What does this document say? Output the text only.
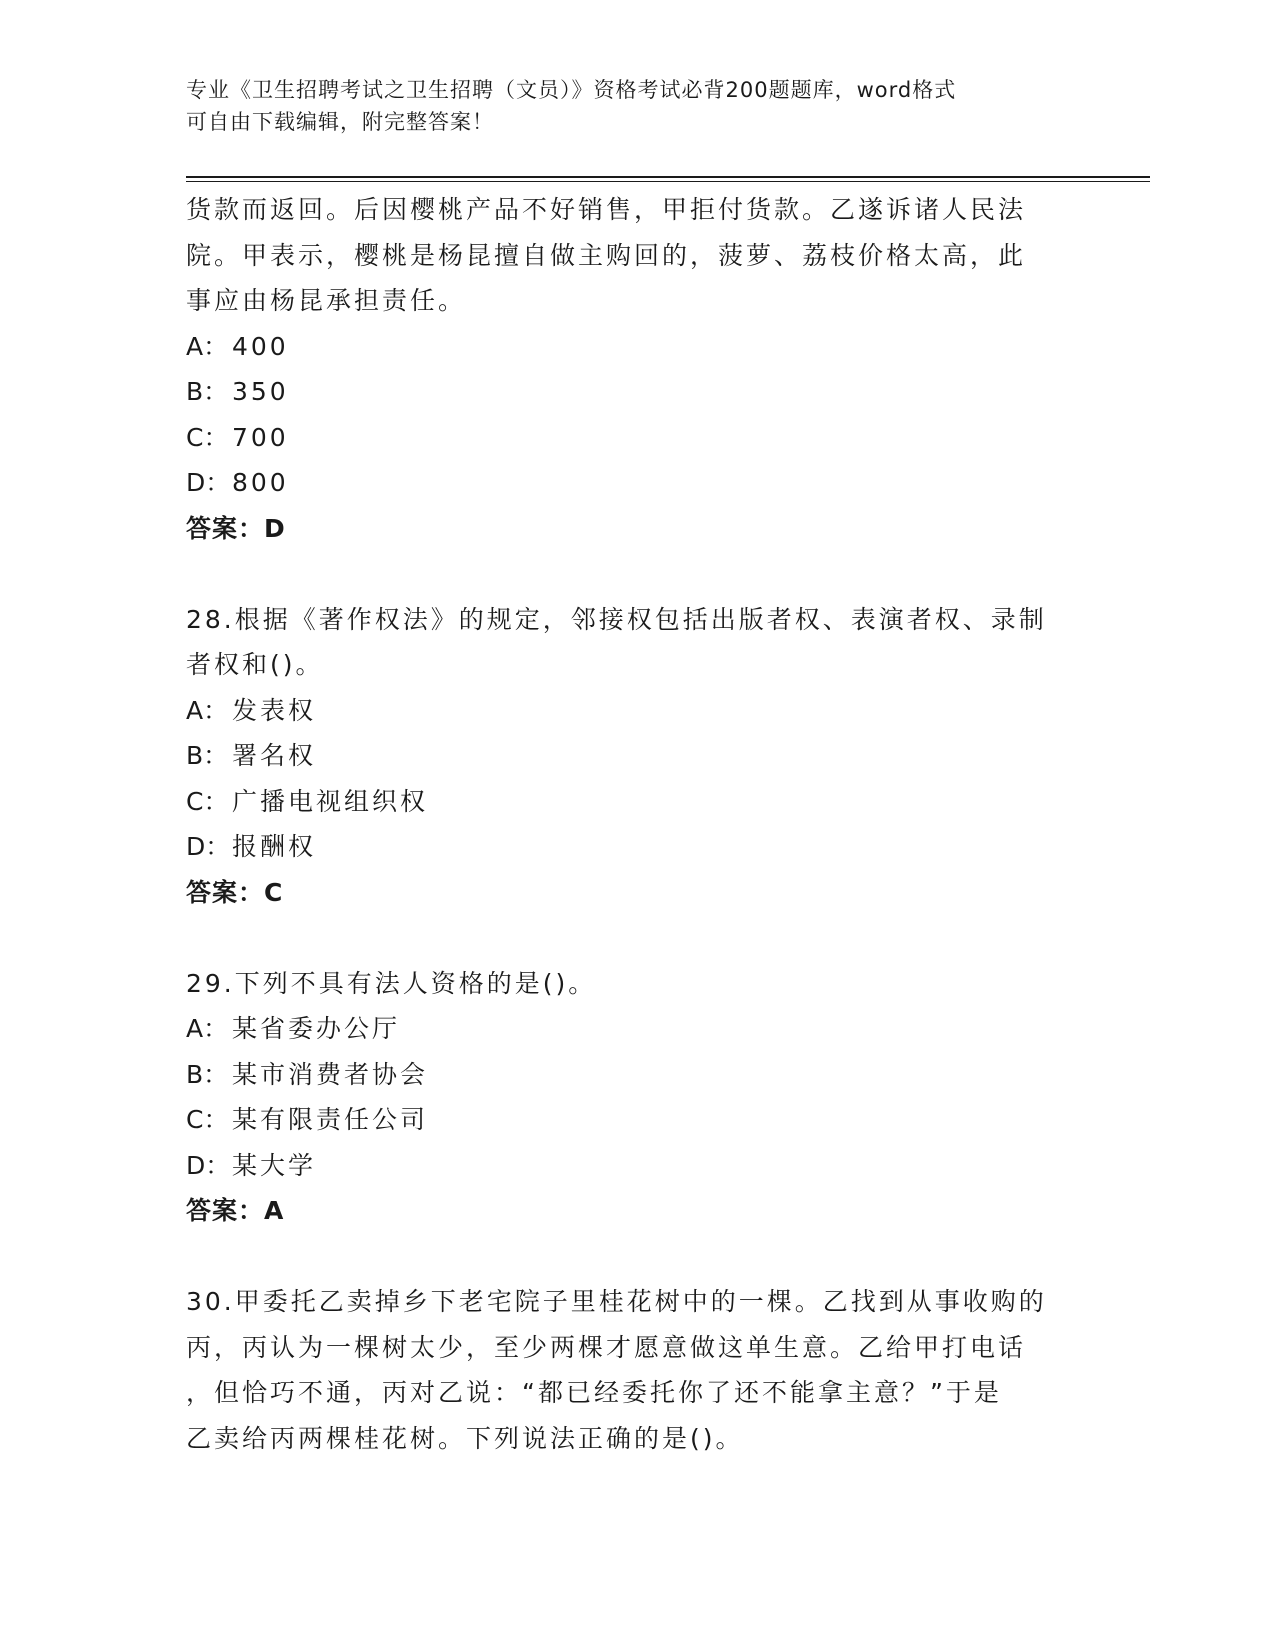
专业《卫生招聘考试之卫生招聘（文员）》资格考试必背200题题库，word格式
可自由下载编辑，附完整答案！
货款而返回。后因樱桃产品不好销售，甲拒付货款。乙遂诉诸人民法
院。甲表示，樱桃是杨昆擅自做主购回的，菠萝、荔枝价格太高，此
事应由杨昆承担责任。
A： 400
B： 350
C： 700
D：800
答案：D
28.根据《著作权法》的规定，邻接权包括出版者权、表演者权、录制
者权和()。
A： 发表权
B： 署名权
C： 广播电视组织权
D：报酬权
答案：C
29.下列不具有法人资格的是()。
A： 某省委办公厅
B： 某市消费者协会
C： 某有限责任公司
D：某大学
答案：A
30.甲委托乙卖掉乡下老宅院子里桂花树中的一棵。乙找到从事收购的
丙，丙认为一棵树太少，至少两棵才愿意做这单生意。乙给甲打电话
，但恰巧不通，丙对乙说：“都已经委托你了还不能拿主意？”于是
乙卖给丙两棵桂花树。下列说法正确的是()。
